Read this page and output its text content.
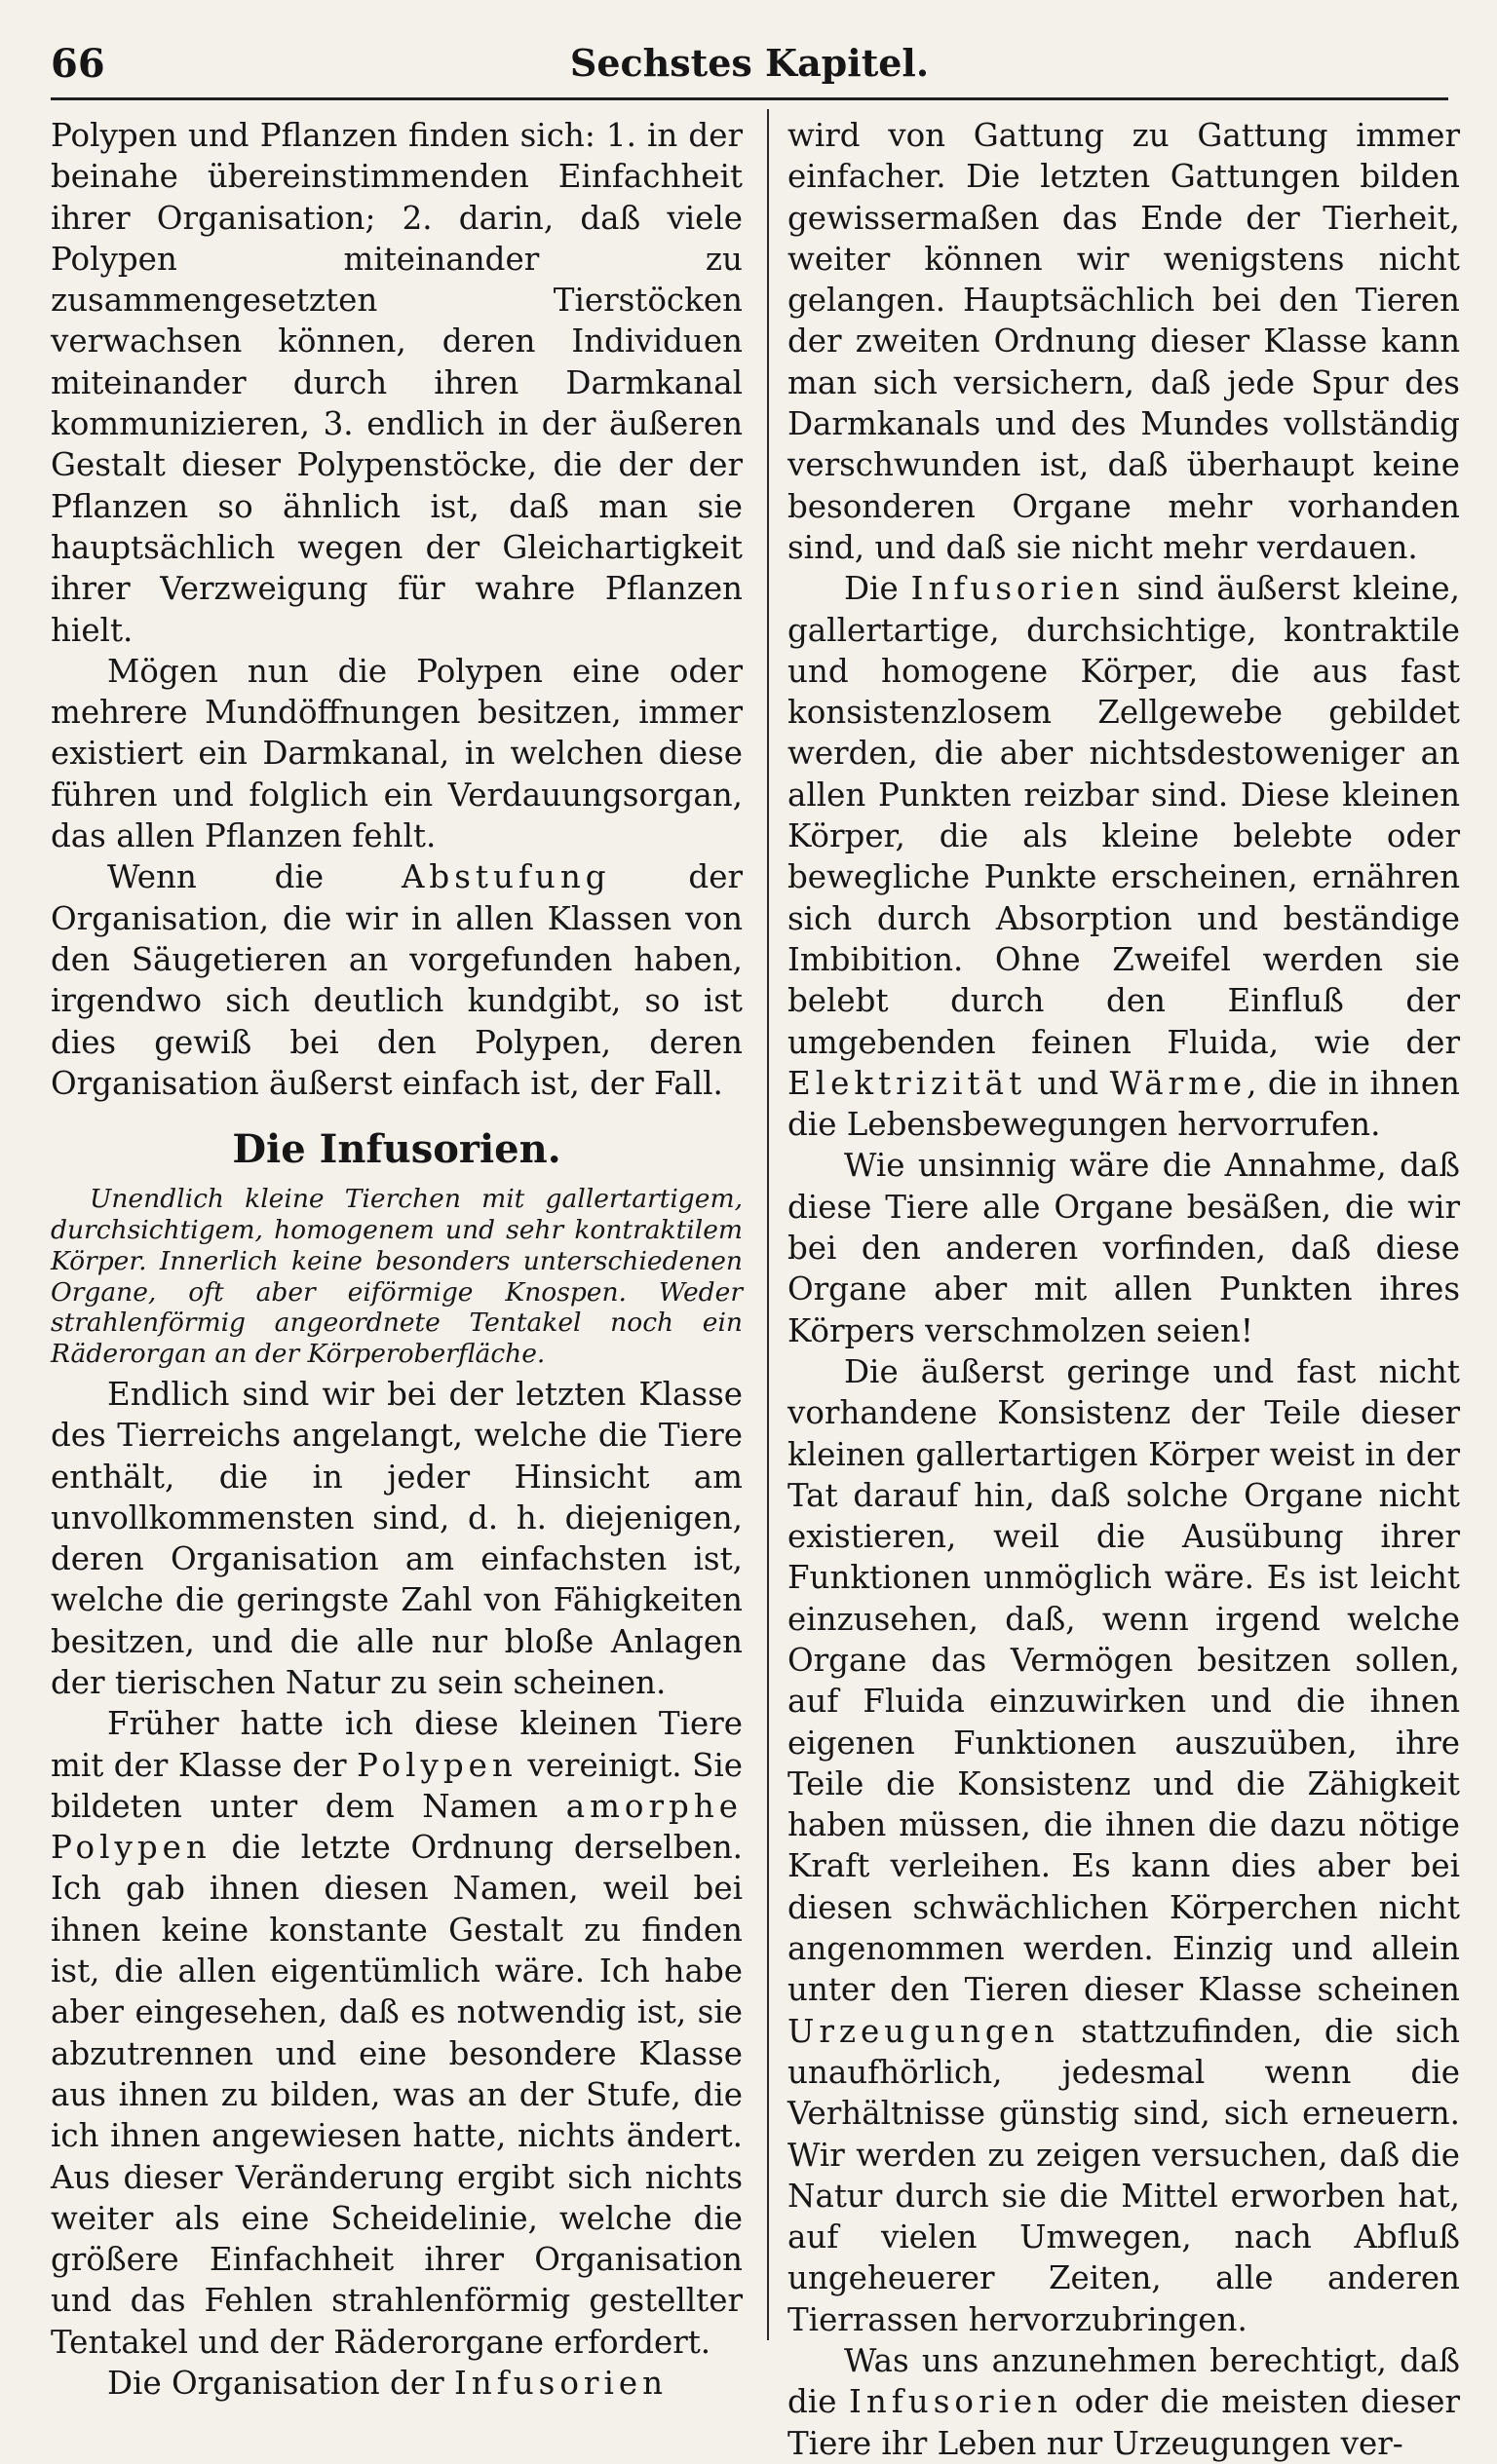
66	Sechstes Kapitel.

Polypen und Pflanzen finden sich: 1. in der beinahe übereinstimmenden Einfachheit ihrer Organisation; 2. darin, daß viele Polypen miteinander zu zusammengesetzten Tierstöcken verwachsen können, deren Individuen miteinander durch ihren Darmkanal kommunizieren, 3. endlich in der äußeren Gestalt dieser Polypenstöcke, die der der Pflanzen so ähnlich ist, daß man sie hauptsächlich wegen der Gleichartigkeit ihrer Verzweigung für wahre Pflanzen hielt.

Mögen nun die Polypen eine oder mehrere Mundöffnungen besitzen, immer existiert ein Darmkanal, in welchen diese führen und folglich ein Verdauungsorgan, das allen Pflanzen fehlt.

Wenn die Abstufung der Organisation, die wir in allen Klassen von den Säugetieren an vorgefunden haben, irgendwo sich deutlich kundgibt, so ist dies gewiß bei den Polypen, deren Organisation äußerst einfach ist, der Fall.

Die Infusorien.

Unendlich kleine Tierchen mit gallertartigem, durchsichtigem, homogenem und sehr kontraktilem Körper. Innerlich keine besonders unterschiedenen Organe, oft aber eiförmige Knospen. Weder strahlenförmig angeordnete Tentakel noch ein Räderorgan an der Körperoberfläche.

Endlich sind wir bei der letzten Klasse des Tierreichs angelangt, welche die Tiere enthält, die in jeder Hinsicht am unvollkommensten sind, d. h. diejenigen, deren Organisation am einfachsten ist, welche die geringste Zahl von Fähigkeiten besitzen, und die alle nur bloße Anlagen der tierischen Natur zu sein scheinen.

Früher hatte ich diese kleinen Tiere mit der Klasse der Polypen vereinigt. Sie bildeten unter dem Namen amorphe Polypen die letzte Ordnung derselben. Ich gab ihnen diesen Namen, weil bei ihnen keine konstante Gestalt zu finden ist, die allen eigentümlich wäre. Ich habe aber eingesehen, daß es notwendig ist, sie abzutrennen und eine besondere Klasse aus ihnen zu bilden, was an der Stufe, die ich ihnen angewiesen hatte, nichts ändert. Aus dieser Veränderung ergibt sich nichts weiter als eine Scheidelinie, welche die größere Einfachheit ihrer Organisation und das Fehlen strahlenförmig gestellter Tentakel und der Räderorgane erfordert.

Die Organisation der Infusorien

wird von Gattung zu Gattung immer einfacher. Die letzten Gattungen bilden gewissermaßen das Ende der Tierheit, weiter können wir wenigstens nicht gelangen. Hauptsächlich bei den Tieren der zweiten Ordnung dieser Klasse kann man sich versichern, daß jede Spur des Darmkanals und des Mundes vollständig verschwunden ist, daß überhaupt keine besonderen Organe mehr vorhanden sind, und daß sie nicht mehr verdauen.

Die Infusorien sind äußerst kleine, gallertartige, durchsichtige, kontraktile und homogene Körper, die aus fast konsistenzlosem Zellgewebe gebildet werden, die aber nichtsdestoweniger an allen Punkten reizbar sind. Diese kleinen Körper, die als kleine belebte oder bewegliche Punkte erscheinen, ernähren sich durch Absorption und beständige Imbibition. Ohne Zweifel werden sie belebt durch den Einfluß der umgebenden feinen Fluida, wie der Elektrizität und Wärme, die in ihnen die Lebensbewegungen hervorrufen.

Wie unsinnig wäre die Annahme, daß diese Tiere alle Organe besäßen, die wir bei den anderen vorfinden, daß diese Organe aber mit allen Punkten ihres Körpers verschmolzen seien!

Die äußerst geringe und fast nicht vorhandene Konsistenz der Teile dieser kleinen gallertartigen Körper weist in der Tat darauf hin, daß solche Organe nicht existieren, weil die Ausübung ihrer Funktionen unmöglich wäre. Es ist leicht einzusehen, daß, wenn irgend welche Organe das Vermögen besitzen sollen, auf Fluida einzuwirken und die ihnen eigenen Funktionen auszuüben, ihre Teile die Konsistenz und die Zähigkeit haben müssen, die ihnen die dazu nötige Kraft verleihen. Es kann dies aber bei diesen schwächlichen Körperchen nicht angenommen werden. Einzig und allein unter den Tieren dieser Klasse scheinen Urzeugungen stattzufinden, die sich unaufhörlich, jedesmal wenn die Verhältnisse günstig sind, sich erneuern. Wir werden zu zeigen versuchen, daß die Natur durch sie die Mittel erworben hat, auf vielen Umwegen, nach Abfluß ungeheuerer Zeiten, alle anderen Tierrassen hervorzubringen.

Was uns anzunehmen berechtigt, daß die Infusorien oder die meisten dieser Tiere ihr Leben nur Urzeugungen ver-
